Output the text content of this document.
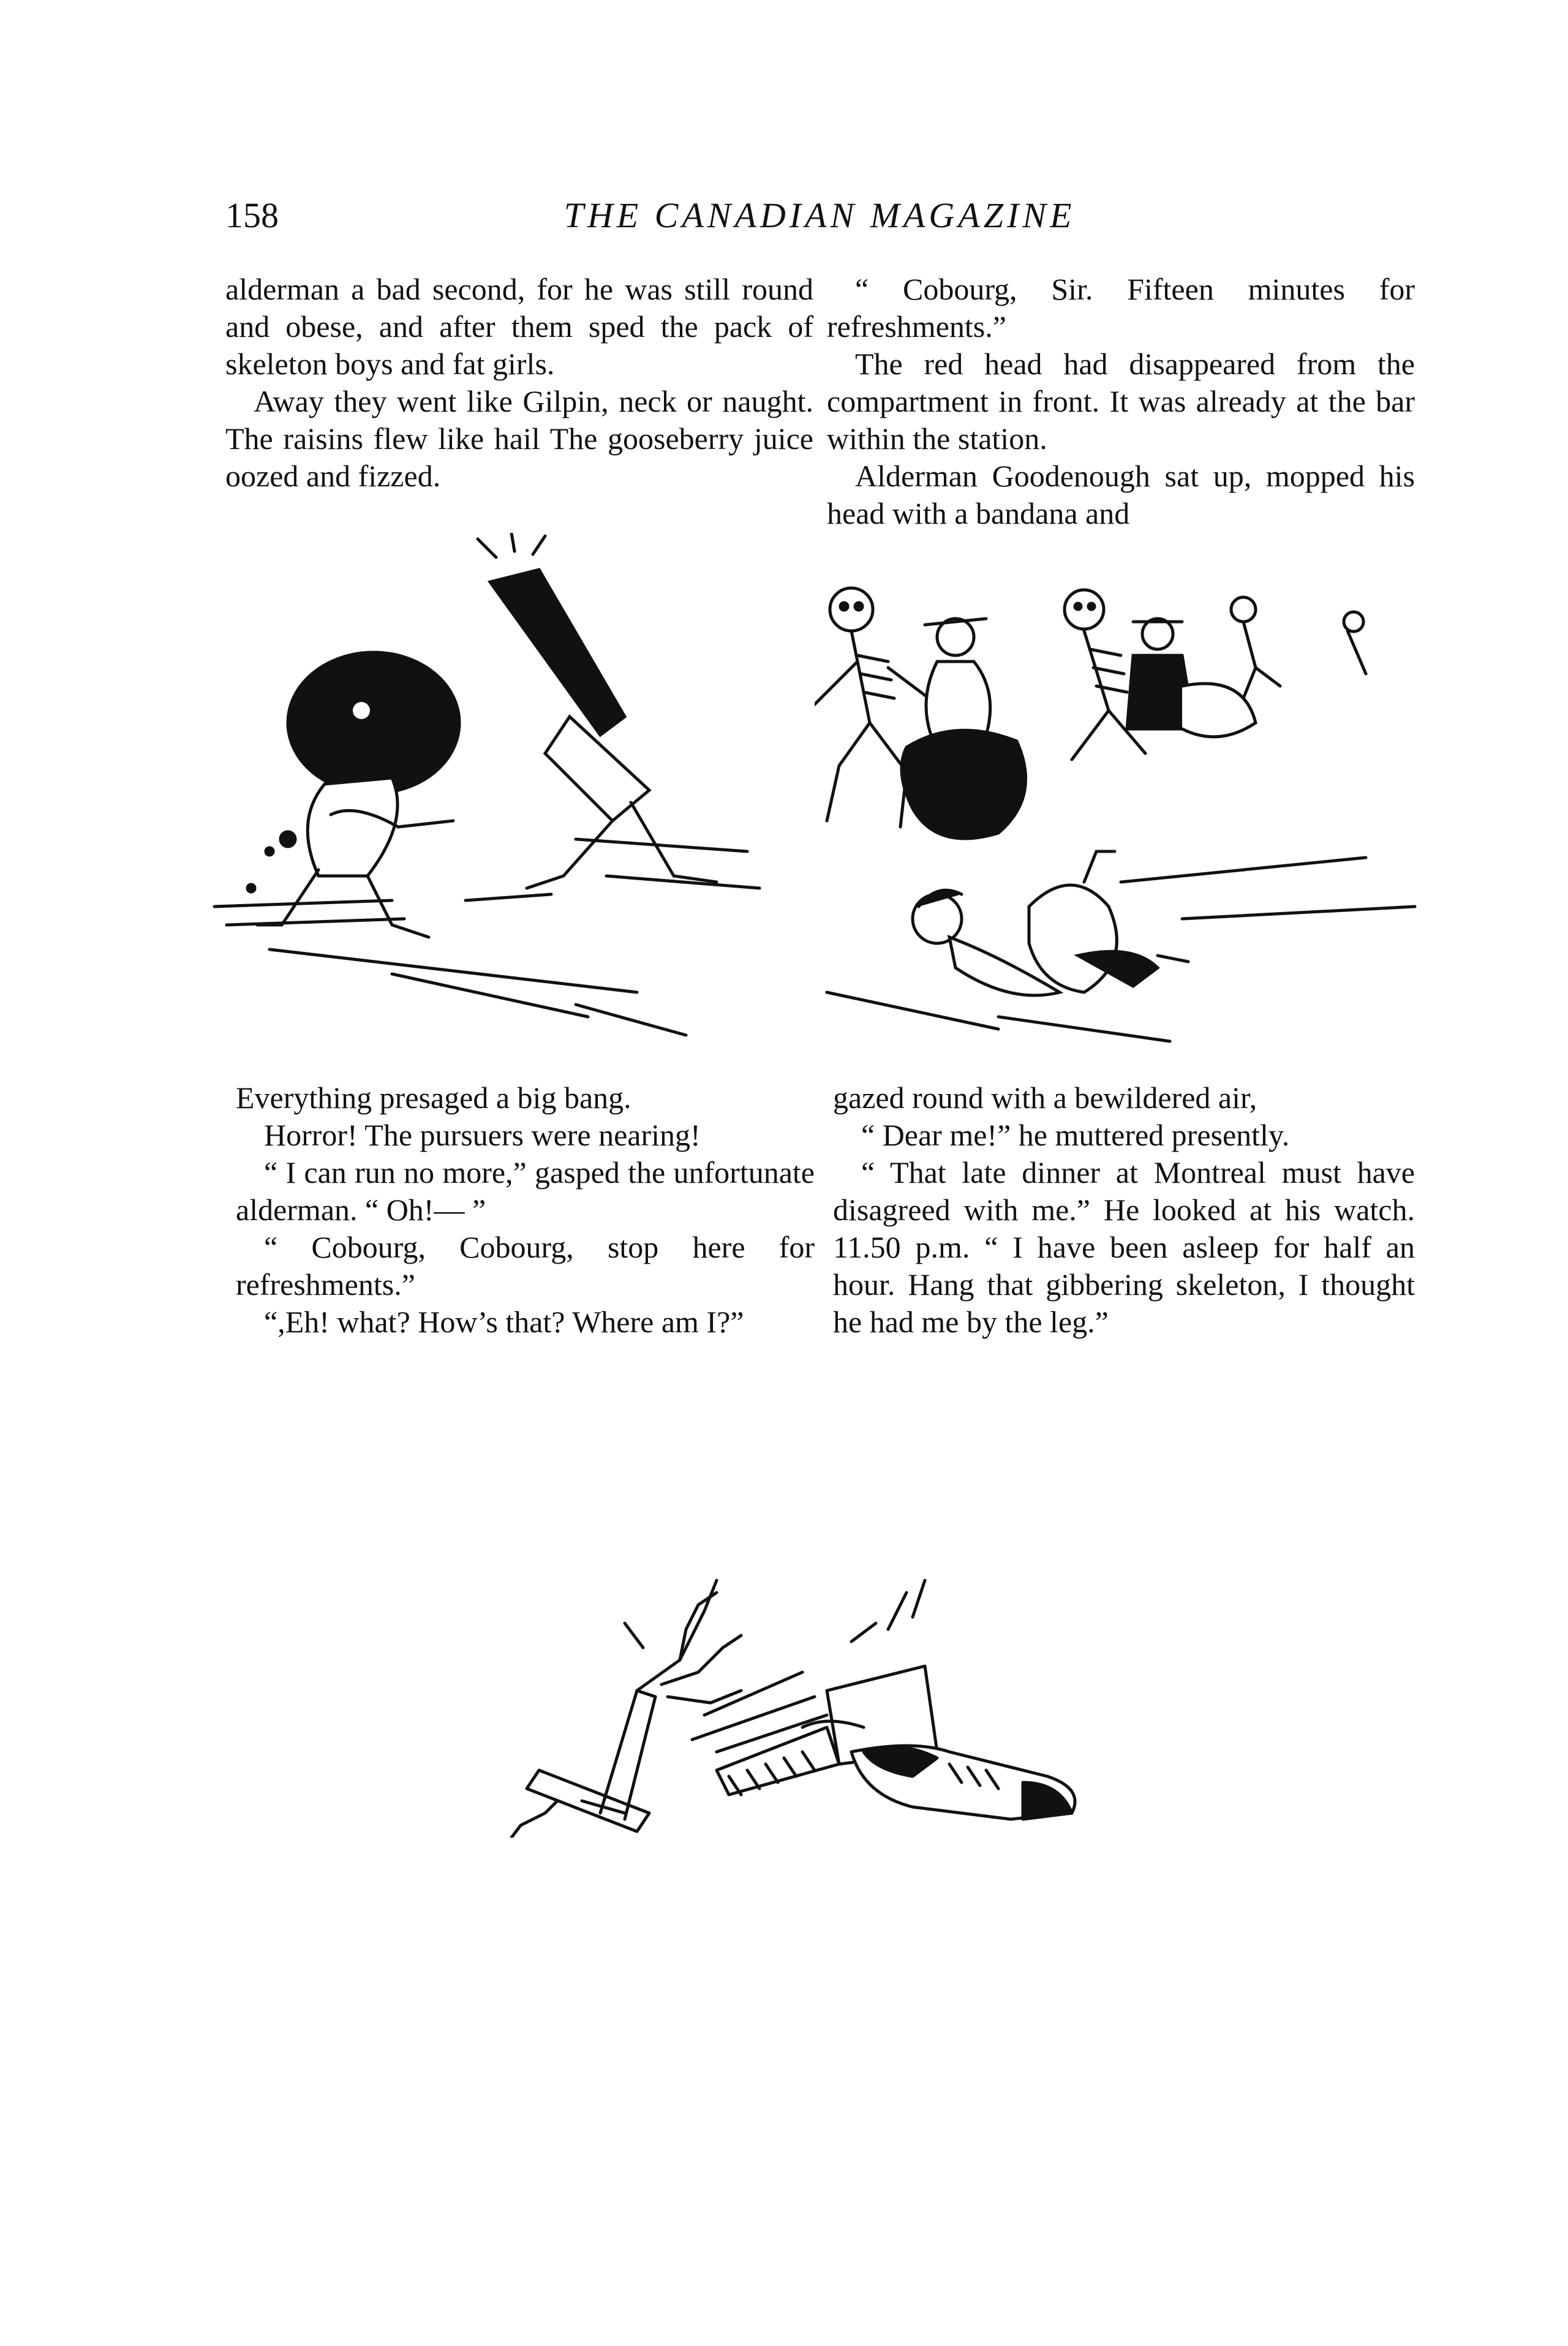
158	THE CANADIAN MAGAZINE

alderman a bad second, for he was still round and obese, and after them sped the pack of skeleton boys and fat girls.

Away they went like Gilpin, neck or naught. The raisins flew like hail The gooseberry juice oozed and fizzed.

“ Cobourg, Sir. Fifteen minutes for refreshments.”

The red head had disappeared from the compartment in front. It was already at the bar within the station.

Alderman Goodenough sat up, mopped his head with a bandana and

Everything presaged a big bang.

Horror! The pursuers were nearing!

“ I can run no more,” gasped the unfortunate alderman. “ Oh!— ”

“ Cobourg, Cobourg, stop here for refreshments.”

“,Eh! what? How’s that? Where am I?”

gazed round with a bewildered air,

“ Dear me!” he muttered presently.

“ That late dinner at Montreal must have disagreed with me.” He looked at his watch. 11.50 p.m. “ I have been asleep for half an hour. Hang that gibbering skeleton, I thought he had me by the leg.”
